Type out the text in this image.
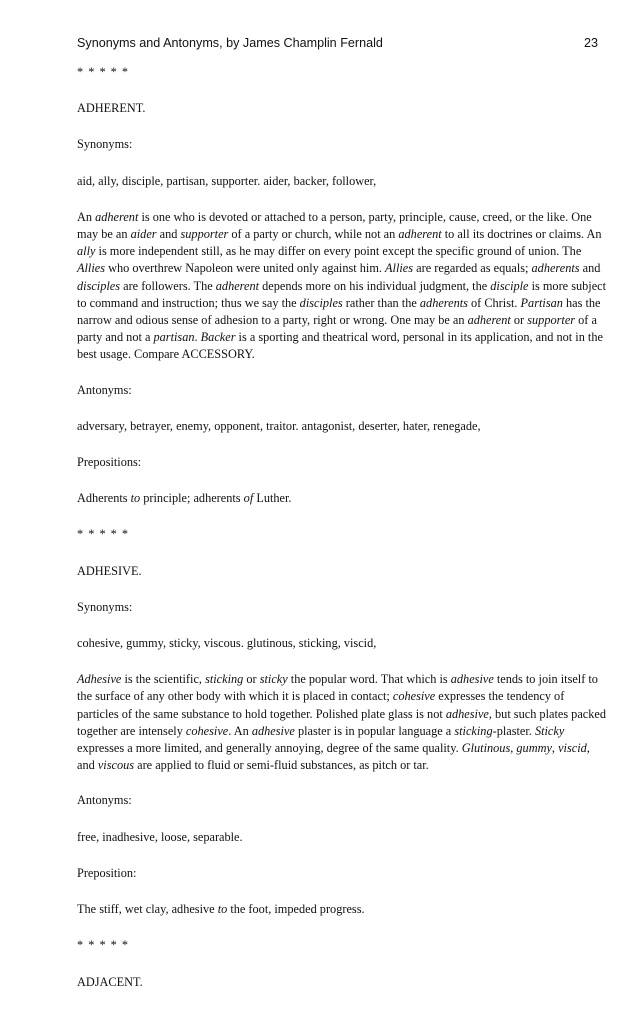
Synonyms and Antonyms, by James Champlin Fernald	23

* * * * *

ADHERENT.

Synonyms:

aid, ally, disciple, partisan, supporter. aider, backer, follower,

An adherent is one who is devoted or attached to a person, party, principle, cause, creed, or the like. One may be an aider and supporter of a party or church, while not an adherent to all its doctrines or claims. An ally is more independent still, as he may differ on every point except the specific ground of union. The Allies who overthrew Napoleon were united only against him. Allies are regarded as equals; adherents and disciples are followers. The adherent depends more on his individual judgment, the disciple is more subject to command and instruction; thus we say the disciples rather than the adherents of Christ. Partisan has the narrow and odious sense of adhesion to a party, right or wrong. One may be an adherent or supporter of a party and not a partisan. Backer is a sporting and theatrical word, personal in its application, and not in the best usage. Compare ACCESSORY.

Antonyms:

adversary, betrayer, enemy, opponent, traitor. antagonist, deserter, hater, renegade,

Prepositions:

Adherents to principle; adherents of Luther.

* * * * *

ADHESIVE.

Synonyms:

cohesive, gummy, sticky, viscous. glutinous, sticking, viscid,

Adhesive is the scientific, sticking or sticky the popular word. That which is adhesive tends to join itself to the surface of any other body with which it is placed in contact; cohesive expresses the tendency of particles of the same substance to hold together. Polished plate glass is not adhesive, but such plates packed together are intensely cohesive. An adhesive plaster is in popular language a sticking-plaster. Sticky expresses a more limited, and generally annoying, degree of the same quality. Glutinous, gummy, viscid, and viscous are applied to fluid or semi-fluid substances, as pitch or tar.

Antonyms:

free, inadhesive, loose, separable.

Preposition:

The stiff, wet clay, adhesive to the foot, impeded progress.

* * * * *

ADJACENT.
